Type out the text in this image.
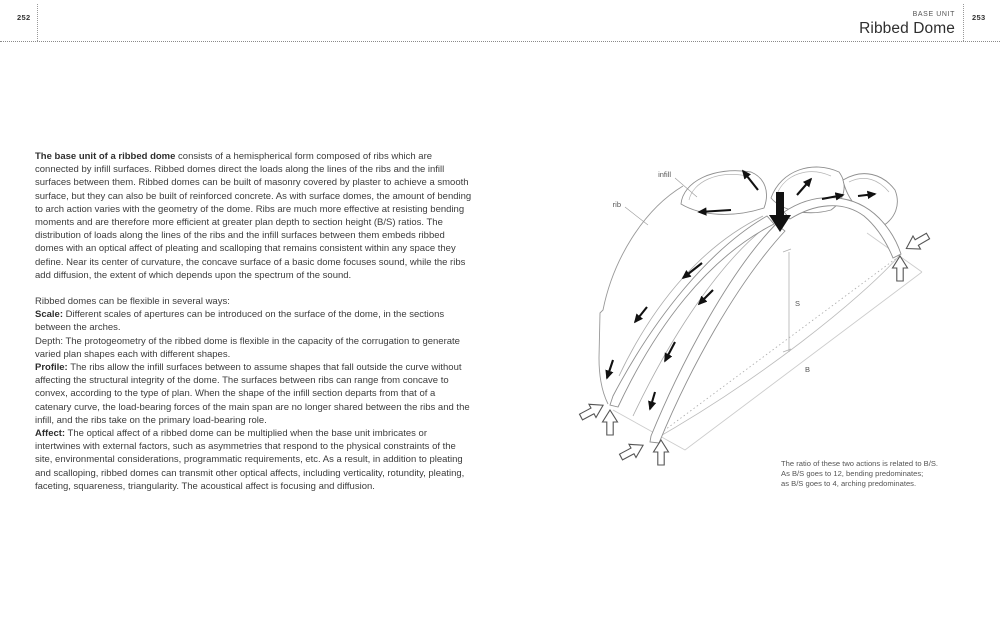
252	BASE UNIT
Ribbed Dome
253

The base unit of a ribbed dome consists of a hemispherical form composed of ribs which are connected by infill surfaces. Ribbed domes direct the loads along the lines of the ribs and the infill surfaces between them. Ribbed domes can be built of masonry covered by plaster to achieve a smooth surface, but they can also be built of reinforced concrete. As with surface domes, the amount of bending to arch action varies with the geometry of the dome. Ribs are much more effective at resisting bending moments and are therefore more efficient at greater plan depth to section height (B/S) ratios. The distribution of loads along the lines of the ribs and the infill surfaces between them embeds ribbed domes with an optical affect of pleating and scalloping that remains consistent within any space they define. Near its center of curvature, the concave surface of a basic dome focuses sound, while the ribs add diffusion, the extent of which depends upon the spectrum of the sound.

Ribbed domes can be flexible in several ways:

Scale: Different scales of apertures can be introduced on the surface of the dome, in the sections between the arches.

Depth: The protogeometry of the ribbed dome is flexible in the capacity of the corrugation to generate varied plan shapes each with different shapes.

Profile: The ribs allow the infill surfaces between to assume shapes that fall outside the curve without affecting the structural integrity of the dome. The surfaces between ribs can range from concave to convex, according to the type of plan. When the shape of the infill section departs from that of a catenary curve, the load-bearing forces of the main span are no longer shared between the ribs and the infill, and the ribs take on the primary load-bearing role.

Affect: The optical affect of a ribbed dome can be multiplied when the base unit imbricates or intertwines with external factors, such as asymmetries that respond to the physical constraints of the site, environmental considerations, programmatic requirements, etc. As a result, in addition to pleating and scalloping, ribbed domes can transmit other optical affects, including verticality, rotundity, pleating, faceting, squareness, triangularity. The acoustical affect is focusing and diffusion.

infill
rib
S
B
The ratio of these two actions is related to B/S.
As B/S goes to 12, bending predominates;
as B/S goes to 4, arching predominates.
